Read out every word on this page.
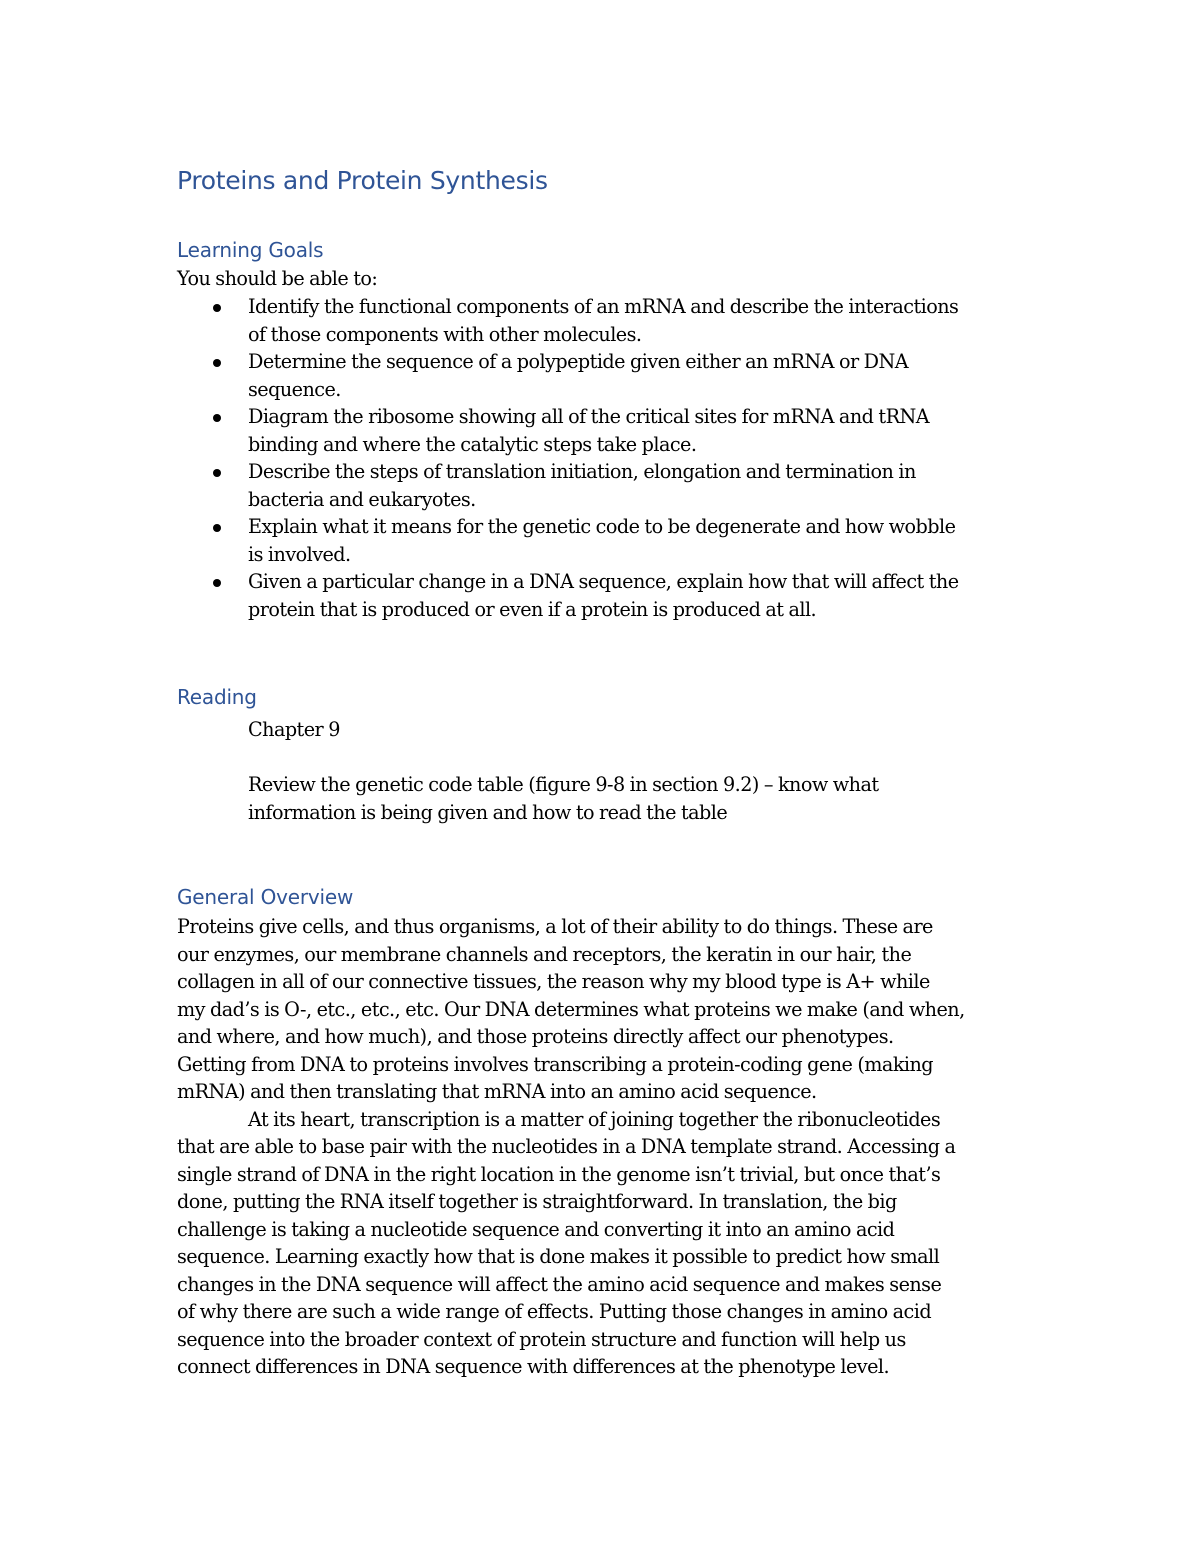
Proteins and Protein Synthesis
Learning Goals
You should be able to:
Identify the functional components of an mRNA and describe the interactions
of those components with other molecules.
Determine the sequence of a polypeptide given either an mRNA or DNA
sequence.
Diagram the ribosome showing all of the critical sites for mRNA and tRNA
binding and where the catalytic steps take place.
Describe the steps of translation initiation, elongation and termination in
bacteria and eukaryotes.
Explain what it means for the genetic code to be degenerate and how wobble
is involved.
Given a particular change in a DNA sequence, explain how that will affect the
protein that is produced or even if a protein is produced at all.
Reading
Chapter 9
Review the genetic code table (figure 9-8 in section 9.2) – know what
information is being given and how to read the table
General Overview

Proteins give cells, and thus organisms, a lot of their ability to do things. These are
our enzymes, our membrane channels and receptors, the keratin in our hair, the
collagen in all of our connective tissues, the reason why my blood type is A+ while
my dad’s is O-, etc., etc., etc. Our DNA determines what proteins we make (and when,
and where, and how much), and those proteins directly affect our phenotypes.
Getting from DNA to proteins involves transcribing a protein-coding gene (making
mRNA) and then translating that mRNA into an amino acid sequence.

At its heart, transcription is a matter of joining together the ribonucleotides
that are able to base pair with the nucleotides in a DNA template strand. Accessing a
single strand of DNA in the right location in the genome isn’t trivial, but once that’s
done, putting the RNA itself together is straightforward. In translation, the big
challenge is taking a nucleotide sequence and converting it into an amino acid
sequence. Learning exactly how that is done makes it possible to predict how small
changes in the DNA sequence will affect the amino acid sequence and makes sense
of why there are such a wide range of effects. Putting those changes in amino acid
sequence into the broader context of protein structure and function will help us
connect differences in DNA sequence with differences at the phenotype level.
